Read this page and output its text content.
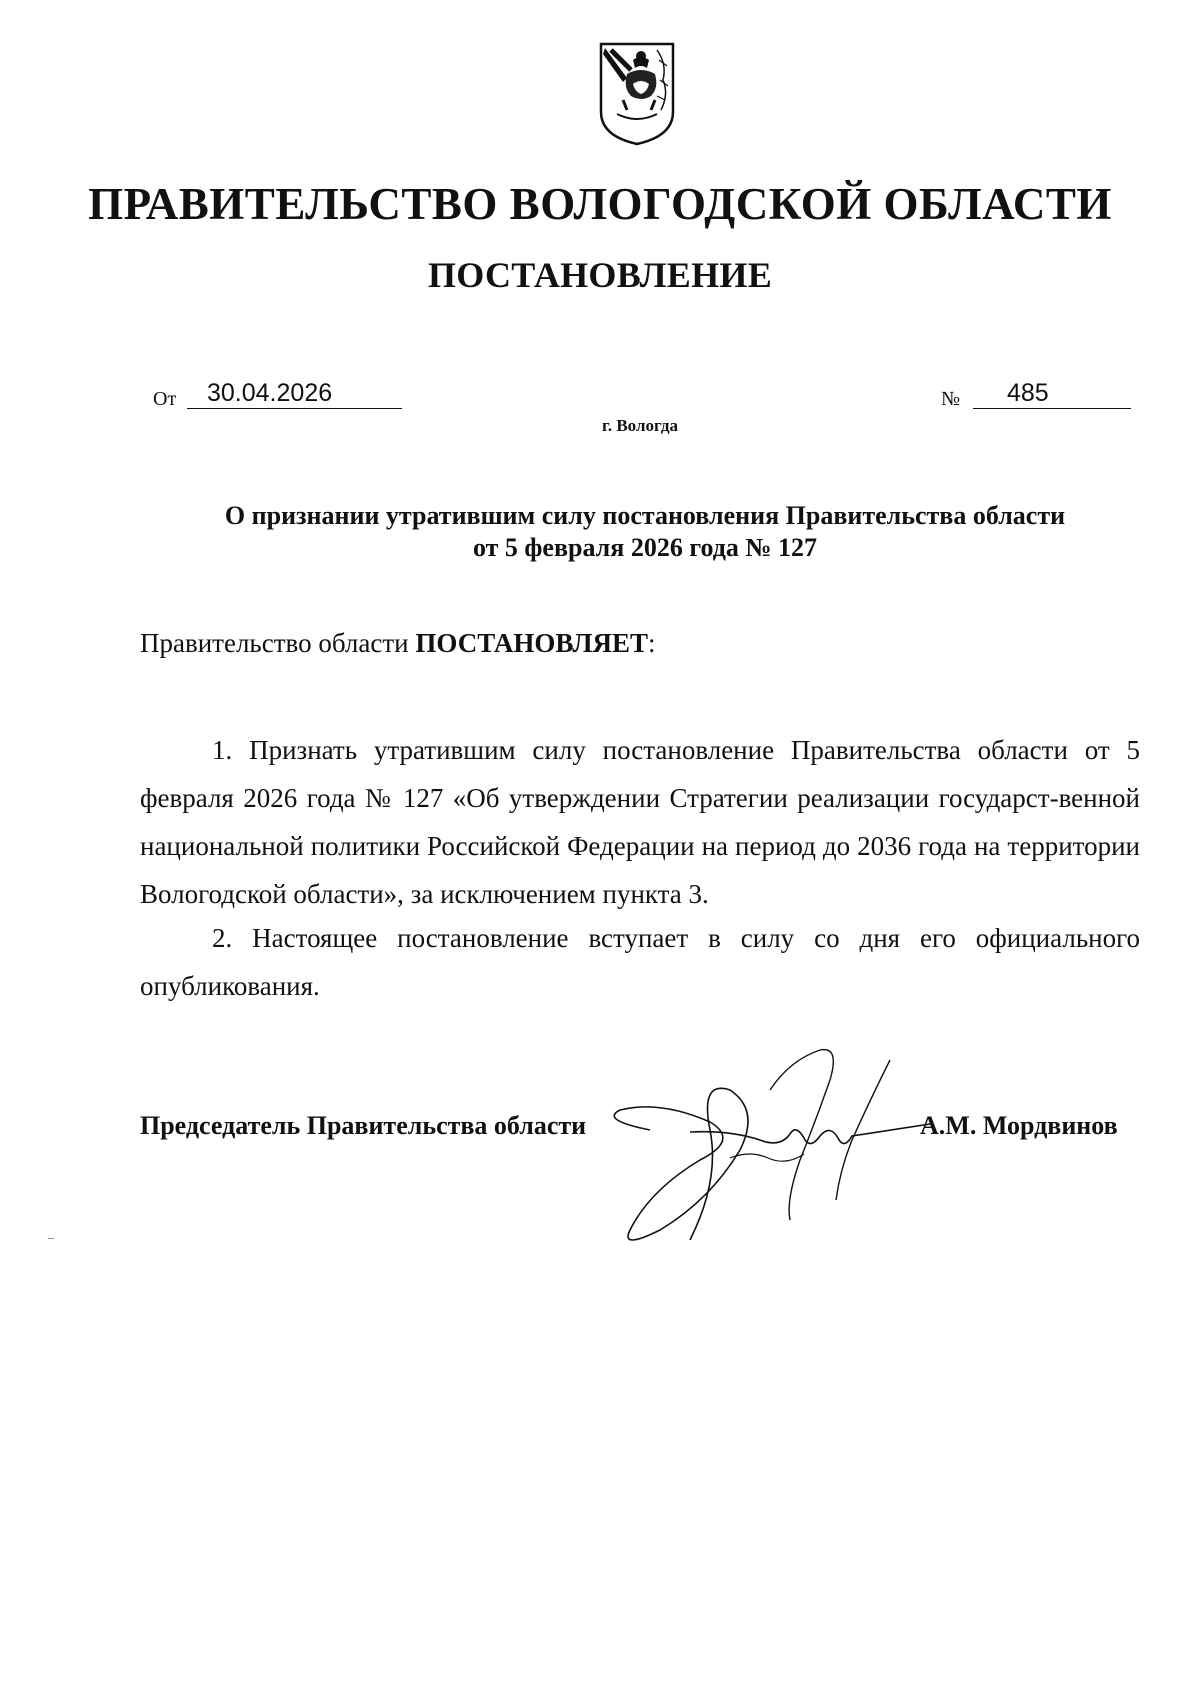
ПРАВИТЕЛЬСТВО ВОЛОГОДСКОЙ ОБЛАСТИ
ПОСТАНОВЛЕНИЕ
От	30.04.2026	№	485
г. Вологда
О признании утратившим силу постановления Правительства области
от 5 февраля 2026 года № 127
Правительство области ПОСТАНОВЛЯЕТ:

1. Признать утратившим силу постановление Правительства области от 5 февраля 2026 года № 127 «Об утверждении Стратегии реализации государст-венной национальной политики Российской Федерации на период до 2036 года на территории Вологодской области», за исключением пункта 3.

2. Настоящее постановление вступает в силу со дня его официального опубликования.

Председатель Правительства области	А.М. Мордвинов
